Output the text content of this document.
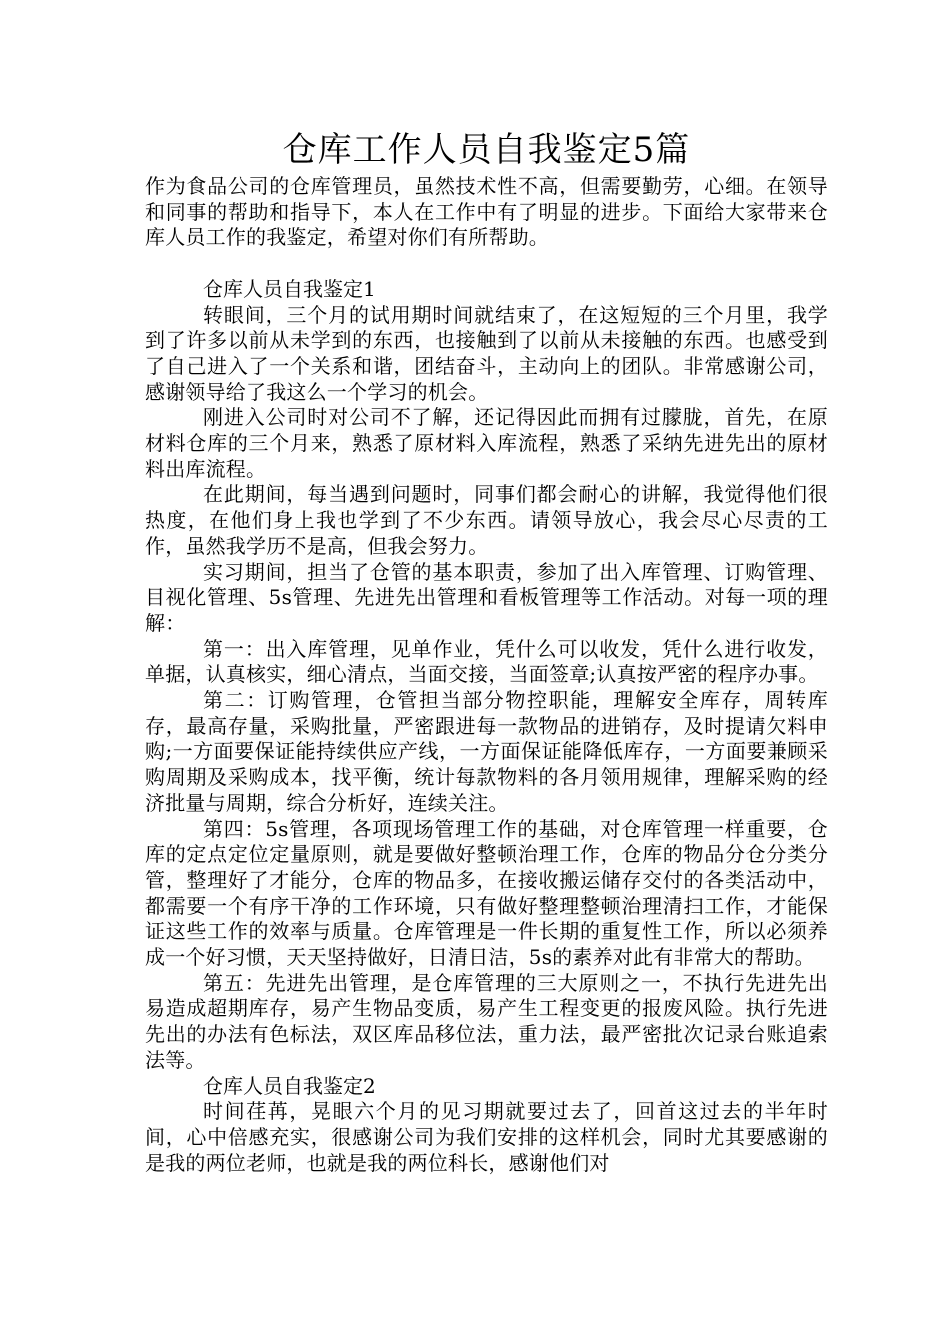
仓库工作人员自我鉴定5篇

作为食品公司的仓库管理员，虽然技术性不高，但需要勤劳，心细。在领导和同事的帮助和指导下，本人在工作中有了明显的进步。下面给大家带来仓库人员工作的我鉴定，希望对你们有所帮助。

仓库人员自我鉴定1

转眼间，三个月的试用期时间就结束了，在这短短的三个月里，我学到了许多以前从未学到的东西，也接触到了以前从未接触的东西。也感受到了自己进入了一个关系和谐，团结奋斗，主动向上的团队。非常感谢公司，感谢领导给了我这么一个学习的机会。

刚进入公司时对公司不了解，还记得因此而拥有过朦胧，首先，在原材料仓库的三个月来，熟悉了原材料入库流程，熟悉了采纳先进先出的原材料出库流程。

在此期间，每当遇到问题时，同事们都会耐心的讲解，我觉得他们很热度，在他们身上我也学到了不少东西。请领导放心，我会尽心尽责的工作，虽然我学历不是高，但我会努力。

实习期间，担当了仓管的基本职责，参加了出入库管理、订购管理、目视化管理、5s管理、先进先出管理和看板管理等工作活动。对每一项的理解：

第一：出入库管理，见单作业，凭什么可以收发，凭什么进行收发，单据，认真核实，细心清点，当面交接，当面签章;认真按严密的程序办事。

第二：订购管理，仓管担当部分物控职能，理解安全库存，周转库存，最高存量，采购批量，严密跟进每一款物品的进销存，及时提请欠料申购;一方面要保证能持续供应产线，一方面保证能降低库存，一方面要兼顾采购周期及采购成本，找平衡，统计每款物料的各月领用规律，理解采购的经济批量与周期，综合分析好，连续关注。

第四：5s管理，各项现场管理工作的基础，对仓库管理一样重要，仓库的定点定位定量原则，就是要做好整顿治理工作，仓库的物品分仓分类分管，整理好了才能分，仓库的物品多，在接收搬运储存交付的各类活动中，都需要一个有序干净的工作环境，只有做好整理整顿治理清扫工作，才能保证这些工作的效率与质量。仓库管理是一件长期的重复性工作，所以必须养成一个好习惯，天天坚持做好，日清日洁，5s的素养对此有非常大的帮助。

第五：先进先出管理，是仓库管理的三大原则之一，不执行先进先出易造成超期库存，易产生物品变质，易产生工程变更的报废风险。执行先进先出的办法有色标法，双区库品移位法，重力法，最严密批次记录台账追索法等。

仓库人员自我鉴定2

时间荏苒，晃眼六个月的见习期就要过去了，回首这过去的半年时间，心中倍感充实，很感谢公司为我们安排的这样机会，同时尤其要感谢的是我的两位老师，也就是我的两位科长，感谢他们对
